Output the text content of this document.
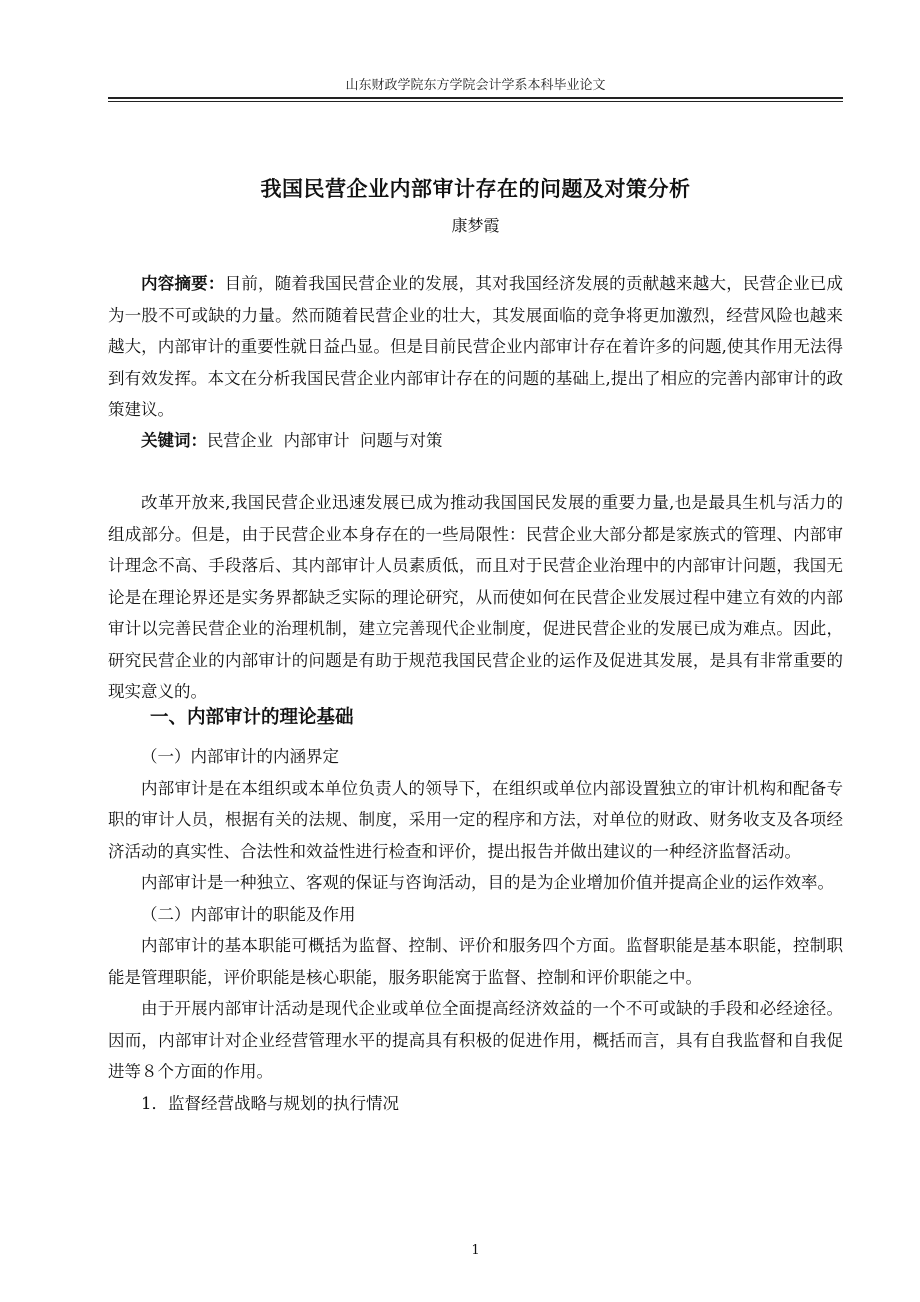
山东财政学院东方学院会计学系本科毕业论文
我国民营企业内部审计存在的问题及对策分析
康梦霞

内容摘要：目前，随着我国民营企业的发展，其对我国经济发展的贡献越来越大，民营企业已成为一股不可或缺的力量。然而随着民营企业的壮大，其发展面临的竞争将更加激烈，经营风险也越来越大，内部审计的重要性就日益凸显。但是目前民营企业内部审计存在着许多的问题,使其作用无法得到有效发挥。本文在分析我国民营企业内部审计存在的问题的基础上,提出了相应的完善内部审计的政策建议。

关键词：民营企业  内部审计  问题与对策

改革开放来,我国民营企业迅速发展已成为推动我国国民发展的重要力量,也是最具生机与活力的组成部分。但是，由于民营企业本身存在的一些局限性：民营企业大部分都是家族式的管理、内部审计理念不高、手段落后、其内部审计人员素质低，而且对于民营企业治理中的内部审计问题，我国无论是在理论界还是实务界都缺乏实际的理论研究，从而使如何在民营企业发展过程中建立有效的内部审计以完善民营企业的治理机制，建立完善现代企业制度，促进民营企业的发展已成为难点。因此，研究民营企业的内部审计的问题是有助于规范我国民营企业的运作及促进其发展，是具有非常重要的现实意义的。

一、内部审计的理论基础

（一）内部审计的内涵界定

内部审计是在本组织或本单位负责人的领导下，在组织或单位内部设置独立的审计机构和配备专职的审计人员，根据有关的法规、制度，采用一定的程序和方法，对单位的财政、财务收支及各项经济活动的真实性、合法性和效益性进行检查和评价，提出报告并做出建议的一种经济监督活动。

内部审计是一种独立、客观的保证与咨询活动，目的是为企业增加价值并提高企业的运作效率。

（二）内部审计的职能及作用

内部审计的基本职能可概括为监督、控制、评价和服务四个方面。监督职能是基本职能，控制职能是管理职能，评价职能是核心职能，服务职能窝于监督、控制和评价职能之中。

由于开展内部审计活动是现代企业或单位全面提高经济效益的一个不可或缺的手段和必经途径。因而，内部审计对企业经营管理水平的提高具有积极的促进作用，概括而言，具有自我监督和自我促进等８个方面的作用。

1．监督经营战略与规划的执行情况

1
